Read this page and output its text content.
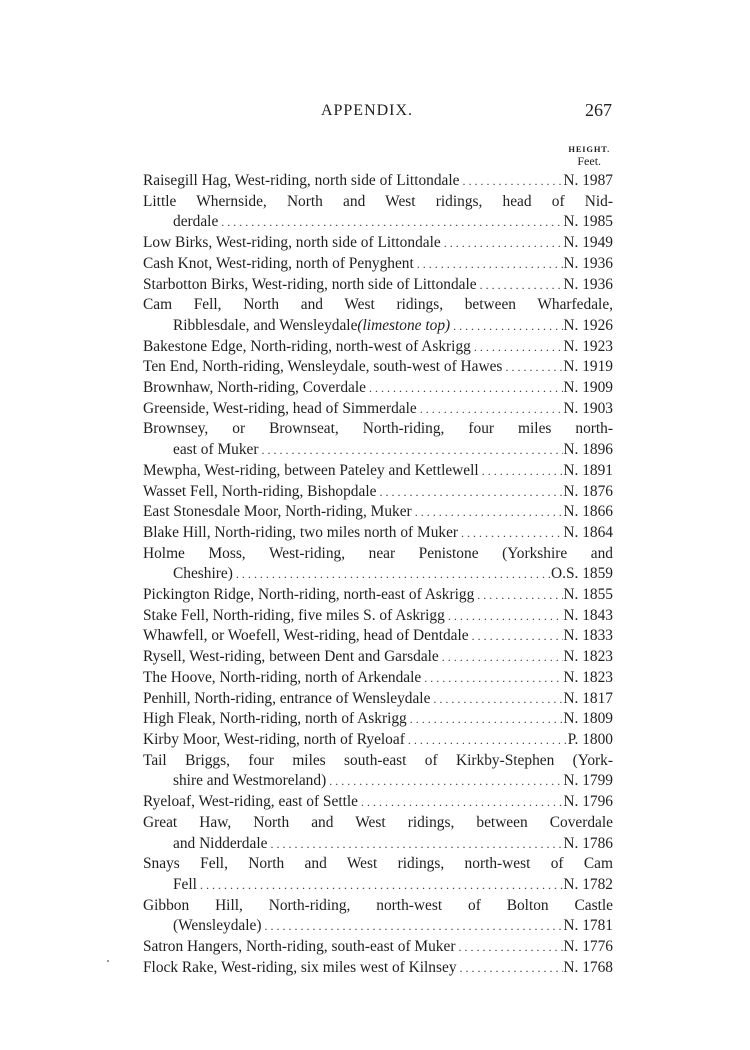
APPENDIX.	267
HEIGHT.
Feet.
Raisegill Hag, West-riding, north side of Littondale . . .	N. 1987
Little Whernside, North and West ridings, head of Nid-
derdale . . .	N. 1985
Low Birks, West-riding, north side of Littondale . . .	N. 1949
Cash Knot, West-riding, north of Penyghent . . .	N. 1936
Starbotton Birks, West-riding, north side of Littondale . . .	N. 1936
Cam Fell, North and West ridings, between Wharfedale,
Ribblesdale, and Wensleydale (limestone top) . . .	N. 1926
Bakestone Edge, North-riding, north-west of Askrigg . . .	N. 1923
Ten End, North-riding, Wensleydale, south-west of Hawes . . .	N. 1919
Brownhaw, North-riding, Coverdale . . .	N. 1909
Greenside, West-riding, head of Simmerdale . . .	N. 1903
Brownsey, or Brownseat, North-riding, four miles north-
east of Muker . . .	N. 1896
Mewpha, West-riding, between Pateley and Kettlewell . . .	N. 1891
Wasset Fell, North-riding, Bishopdale . . .	N. 1876
East Stonesdale Moor, North-riding, Muker . . .	N. 1866
Blake Hill, North-riding, two miles north of Muker . . .	N. 1864
Holme Moss, West-riding, near Penistone (Yorkshire and
Cheshire) . . .	O.S. 1859
Pickington Ridge, North-riding, north-east of Askrigg . . .	N. 1855
Stake Fell, North-riding, five miles S. of Askrigg . . .	N. 1843
Whawfell, or Woefell, West-riding, head of Dentdale . . .	N. 1833
Rysell, West-riding, between Dent and Garsdale . . .	N. 1823
The Hoove, North-riding, north of Arkendale . . .	N. 1823
Penhill, North-riding, entrance of Wensleydale . . .	N. 1817
High Fleak, North-riding, north of Askrigg . . .	N. 1809
Kirby Moor, West-riding, north of Ryeloaf . . .	P. 1800
Tail Briggs, four miles south-east of Kirkby-Stephen (York-
shire and Westmoreland) . . .	N. 1799
Ryeloaf, West-riding, east of Settle . . .	N. 1796
Great Haw, North and West ridings, between Coverdale
and Nidderdale . . .	N. 1786
Snays Fell, North and West ridings, north-west of Cam
Fell . . .	N. 1782
Gibbon Hill, North-riding, north-west of Bolton Castle
(Wensleydale) . . .	N. 1781
Satron Hangers, North-riding, south-east of Muker . . .	N. 1776
Flock Rake, West-riding, six miles west of Kilnsey . . .	N. 1768
